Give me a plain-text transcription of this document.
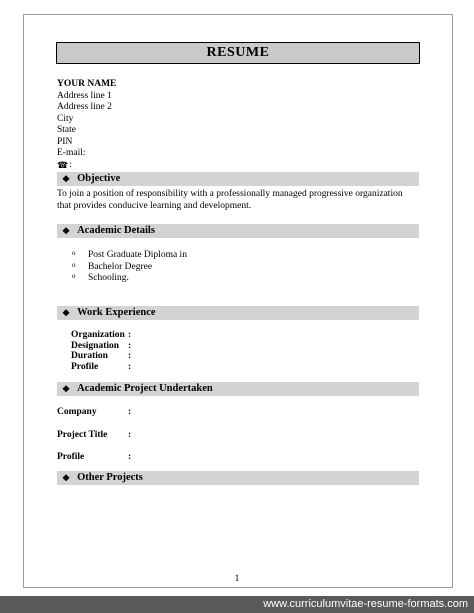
RESUME
YOUR NAME
Address line 1
Address line 2
City
State
PIN
E-mail:
☎ :
❖ Objective
To join a position of responsibility with a professionally managed progressive organization that provides conducive learning and development.
❖ Academic Details
o	Post Graduate Diploma in
o	Bachelor Degree
o	Schooling.
❖ Work Experience
Organization :
Designation :
Duration	:
Profile	:
❖ Academic Project Undertaken
Company	:
Project Title	:
Profile	:
❖ Other Projects
1
www.curriculumvitae-resume-formats.com
